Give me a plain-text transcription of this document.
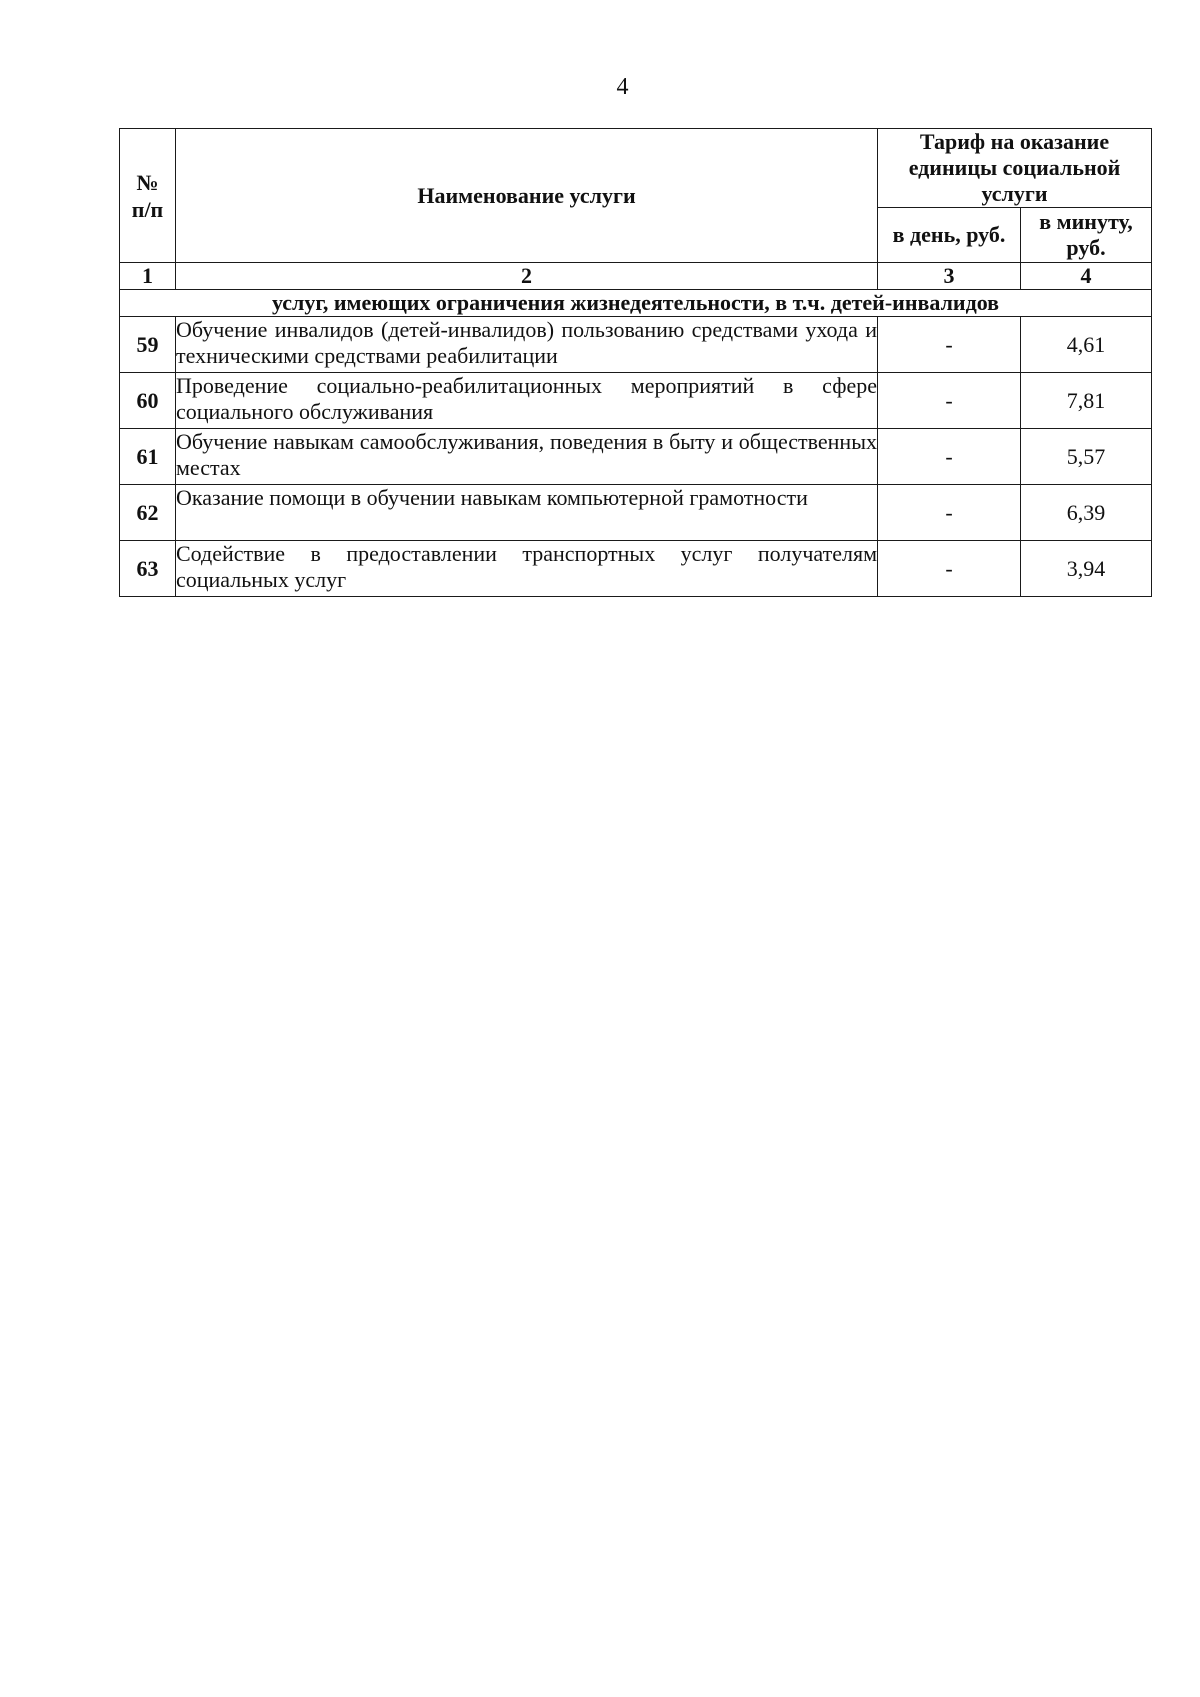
4
№
п/п	Наименование услуги	Тариф на оказание единицы социальной услуги	
		в день, руб.	в минуту, руб.
1	2	3	4
услуг, имеющих ограничения жизнедеятельности, в т.ч. детей-инвалидов			
59	Обучение инвалидов (детей-инвалидов) пользованию средствами ухода и техническими средствами реабилитации	-	4,61
60	Проведение социально-реабилитационных мероприятий в сфере социального обслуживания	-	7,81
61	Обучение навыкам самообслуживания, поведения в быту и общественных местах	-	5,57
62	Оказание помощи в обучении навыкам компьютерной грамотности	-	6,39
63	Содействие в предоставлении транспортных услуг получателям социальных услуг	-	3,94
